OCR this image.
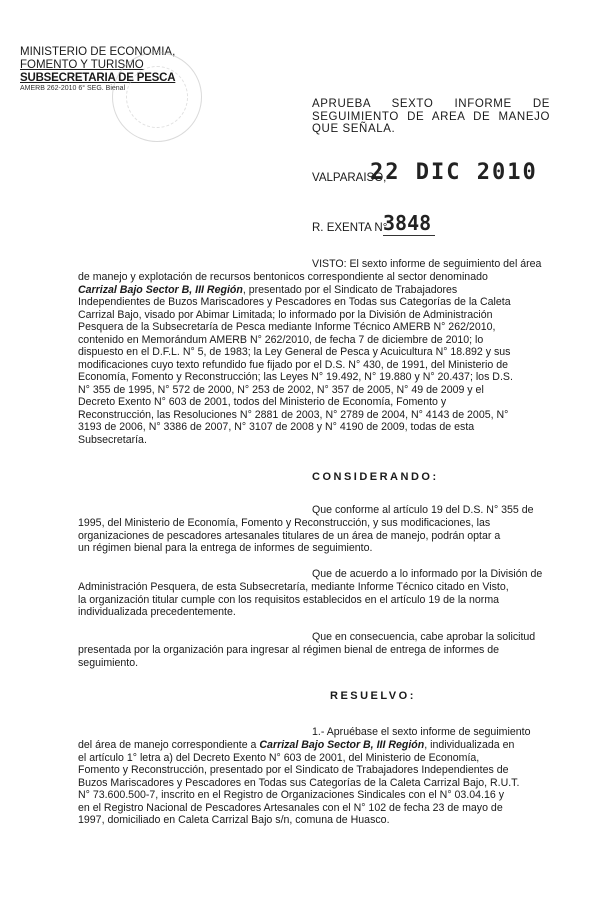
MINISTERIO DE ECONOMIA,
FOMENTO Y TURISMO
SUBSECRETARIA DE PESCA
AMERB 262-2010 6° SEG. Bienal
APRUEBA SEXTO INFORME DE SEGUIMIENTO DE AREA DE MANEJO QUE SEÑALA.
VALPARAISO,
22 DIC 2010
R. EXENTA N°
3848
VISTO: El sexto informe de seguimiento del área
de manejo y explotación de recursos bentonicos correspondiente al sector denominado
Carrizal Bajo Sector B, III Región, presentado por el Sindicato de Trabajadores
Independientes de Buzos Mariscadores y Pescadores en Todas sus Categorías de la Caleta
Carrizal Bajo, visado por Abimar Limitada; lo informado por la División de Administración
Pesquera de la Subsecretaría de Pesca mediante Informe Técnico AMERB N° 262/2010,
contenido en Memorándum AMERB N° 262/2010, de fecha 7 de diciembre de 2010; lo
dispuesto en el D.F.L. N° 5, de 1983; la Ley General de Pesca y Acuicultura N° 18.892 y sus
modificaciones cuyo texto refundido fue fijado por el D.S. N° 430, de 1991, del Ministerio de
Economía, Fomento y Reconstrucción; las Leyes N° 19.492, N° 19.880 y N° 20.437; los D.S.
N° 355 de 1995, N° 572 de 2000, N° 253 de 2002, N° 357 de 2005, N° 49 de 2009 y el
Decreto Exento N° 603 de 2001, todos del Ministerio de Economía, Fomento y
Reconstrucción, las Resoluciones N° 2881 de 2003, N° 2789 de 2004, N° 4143 de 2005, N°
3193 de 2006, N° 3386 de 2007, N° 3107 de 2008 y N° 4190 de 2009, todas de esta
Subsecretaría.
CONSIDERANDO:
Que conforme al artículo 19 del D.S. N° 355 de
1995, del Ministerio de Economía, Fomento y Reconstrucción, y sus modificaciones, las
organizaciones de pescadores artesanales titulares de un área de manejo, podrán optar a
un régimen bienal para la entrega de informes de seguimiento.
Que de acuerdo a lo informado por la División de
Administración Pesquera, de esta Subsecretaría, mediante Informe Técnico citado en Visto,
la organización titular cumple con los requisitos establecidos en el artículo 19 de la norma
individualizada precedentemente.
Que en consecuencia, cabe aprobar la solicitud
presentada por la organización para ingresar al régimen bienal de entrega de informes de
seguimiento.
RESUELVO:
1.- Apruébase el sexto informe de seguimiento
del área de manejo correspondiente a Carrizal Bajo Sector B, III Región, individualizada en
el artículo 1° letra a) del Decreto Exento N° 603 de 2001, del Ministerio de Economía,
Fomento y Reconstrucción, presentado por el Sindicato de Trabajadores Independientes de
Buzos Mariscadores y Pescadores en Todas sus Categorías de la Caleta Carrizal Bajo, R.U.T.
N° 73.600.500-7, inscrito en el Registro de Organizaciones Sindicales con el N° 03.04.16 y
en el Registro Nacional de Pescadores Artesanales con el N° 102 de fecha 23 de mayo de
1997, domiciliado en Caleta Carrizal Bajo s/n, comuna de Huasco.
